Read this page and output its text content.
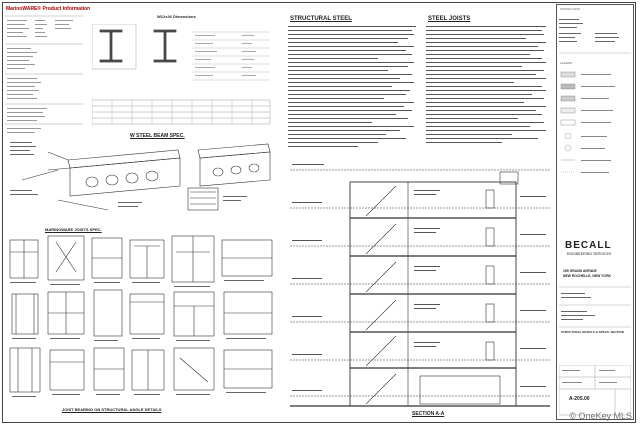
MarinoWARE® Product Information
W12x26 Dimensions
W STEEL BEAM SPEC.
MARINOWARE JOISTS SPEC.
JOIST BEARING ON STRUCTURAL ANGLE DETAILS
STRUCTURAL STEEL	STEEL JOISTS
SECTION A-A
ZONING DATA
LEGEND
BECALL
ENGINEERING SERVICES
159 GRAND AVENUE
NEW ROCHELLE, NEW YORK
STRUCTURAL DETAILS & SPECS. SECTION
A-205.00
© OneKey MLS
